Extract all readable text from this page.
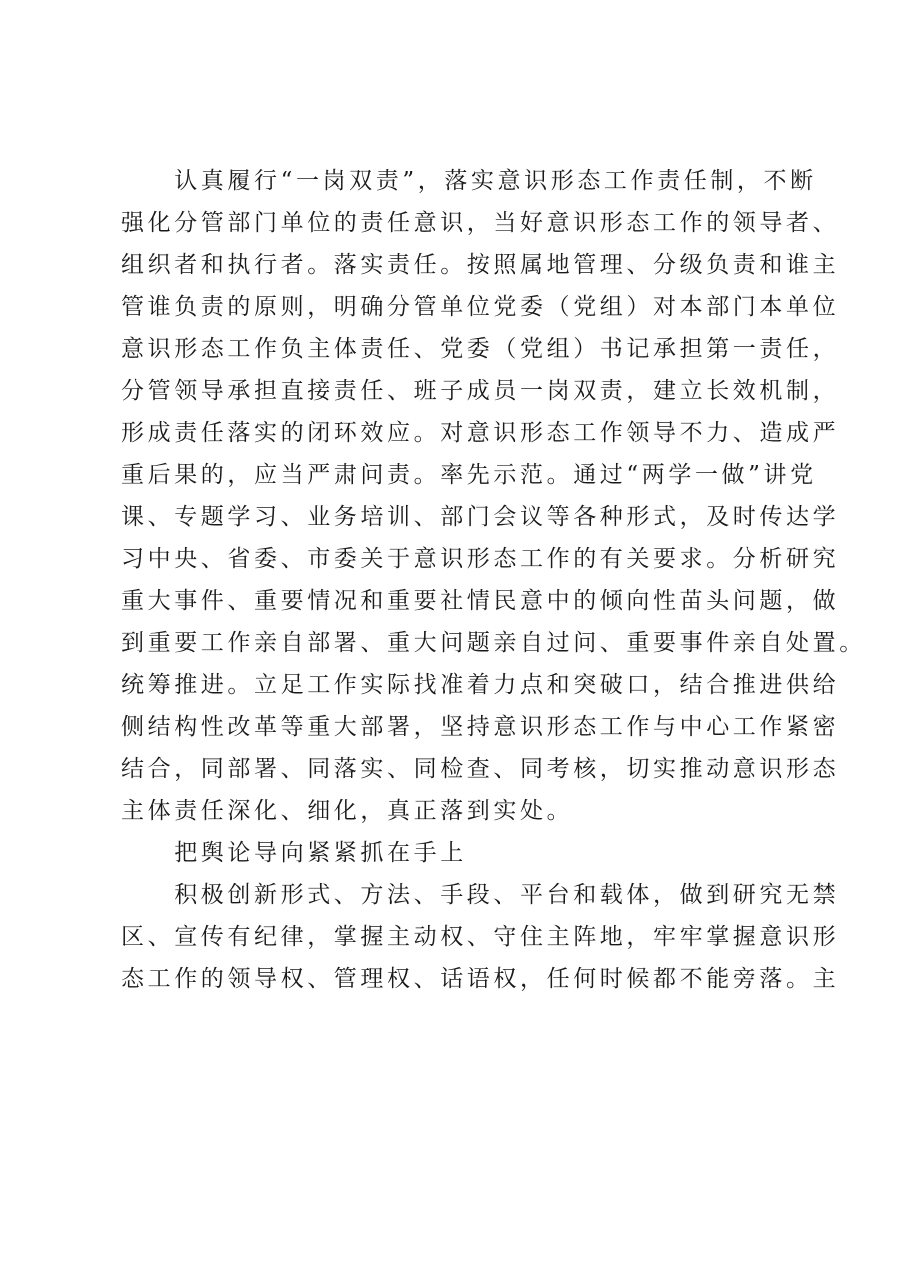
　　认真履行“一岗双责”，落实意识形态工作责任制，不断
强化分管部门单位的责任意识，当好意识形态工作的领导者、
组织者和执行者。落实责任。按照属地管理、分级负责和谁主
管谁负责的原则，明确分管单位党委（党组）对本部门本单位
意识形态工作负主体责任、党委（党组）书记承担第一责任，
分管领导承担直接责任、班子成员一岗双责，建立长效机制，
形成责任落实的闭环效应。对意识形态工作领导不力、造成严
重后果的，应当严肃问责。率先示范。通过“两学一做”讲党
课、专题学习、业务培训、部门会议等各种形式，及时传达学
习中央、省委、市委关于意识形态工作的有关要求。分析研究
重大事件、重要情况和重要社情民意中的倾向性苗头问题，做
到重要工作亲自部署、重大问题亲自过问、重要事件亲自处置。
统筹推进。立足工作实际找准着力点和突破口，结合推进供给
侧结构性改革等重大部署，坚持意识形态工作与中心工作紧密
结合，同部署、同落实、同检查、同考核，切实推动意识形态
主体责任深化、细化，真正落到实处。
　　把舆论导向紧紧抓在手上
　　积极创新形式、方法、手段、平台和载体，做到研究无禁
区、宣传有纪律，掌握主动权、守住主阵地，牢牢掌握意识形
态工作的领导权、管理权、话语权，任何时候都不能旁落。主
